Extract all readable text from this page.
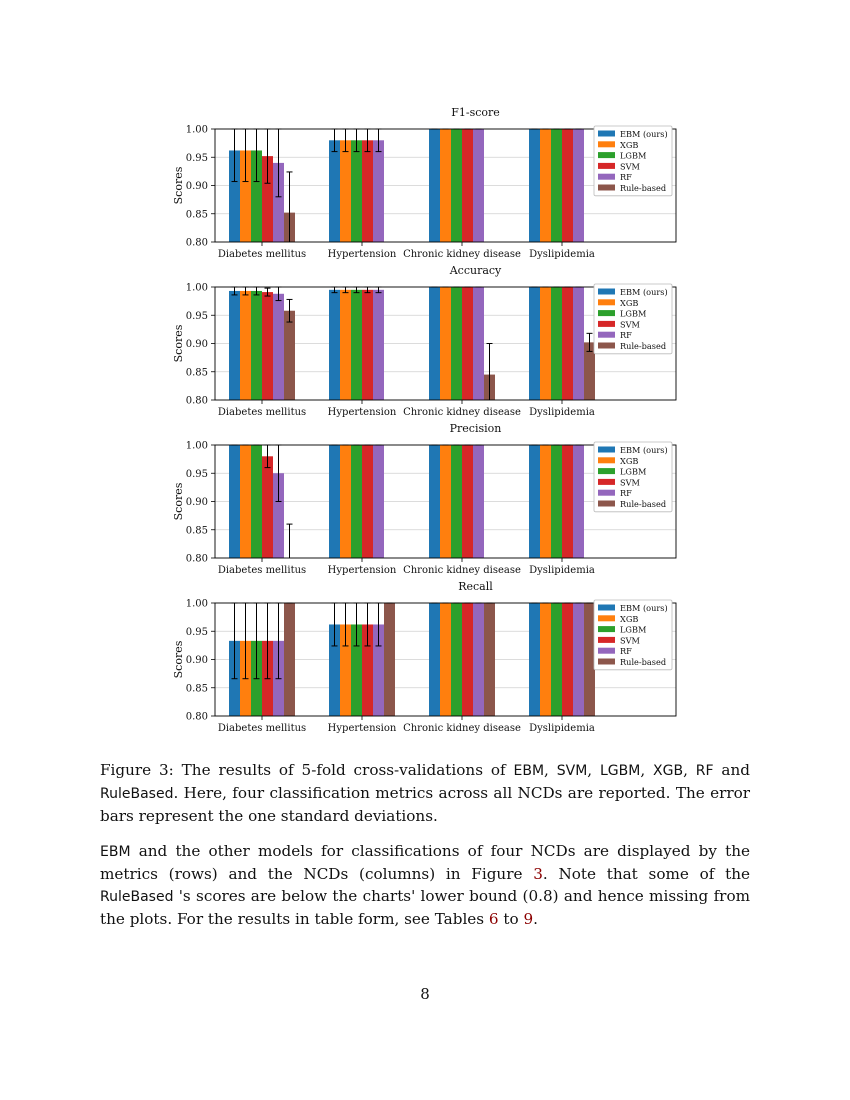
0.80
0.85
0.90
0.95
1.00
Diabetes mellitus Hypertension Chronic kidney disease Dyslipidemia
F1-score
Scores
EBM (ours)
XGB
LGBM
SVM
RF
Rule-based
0.80
0.85
0.90
0.95
1.00
Diabetes mellitus Hypertension Chronic kidney disease Dyslipidemia
Accuracy
Scores
EBM (ours)
XGB
LGBM
SVM
RF
Rule-based
0.80
0.85
0.90
0.95
1.00
Diabetes mellitus Hypertension Chronic kidney disease Dyslipidemia
Precision
Scores
EBM (ours)
XGB
LGBM
SVM
RF
Rule-based
0.80
0.85
0.90
0.95
1.00
Diabetes mellitus Hypertension Chronic kidney disease Dyslipidemia
Recall
Scores
EBM (ours)
XGB
LGBM
SVM
RF
Rule-based

Figure 3: The results of 5-fold cross-validations of EBM, SVM, LGBM, XGB, RF and RuleBased. Here, four classification metrics across all NCDs are reported. The error bars represent the one standard deviations.

EBM and the other models for classifications of four NCDs are displayed by the metrics (rows) and the NCDs (columns) in Figure 3. Note that some of the RuleBased 's scores are below the charts' lower bound (0.8) and hence missing from the plots. For the results in table form, see Tables 6 to 9.

8
